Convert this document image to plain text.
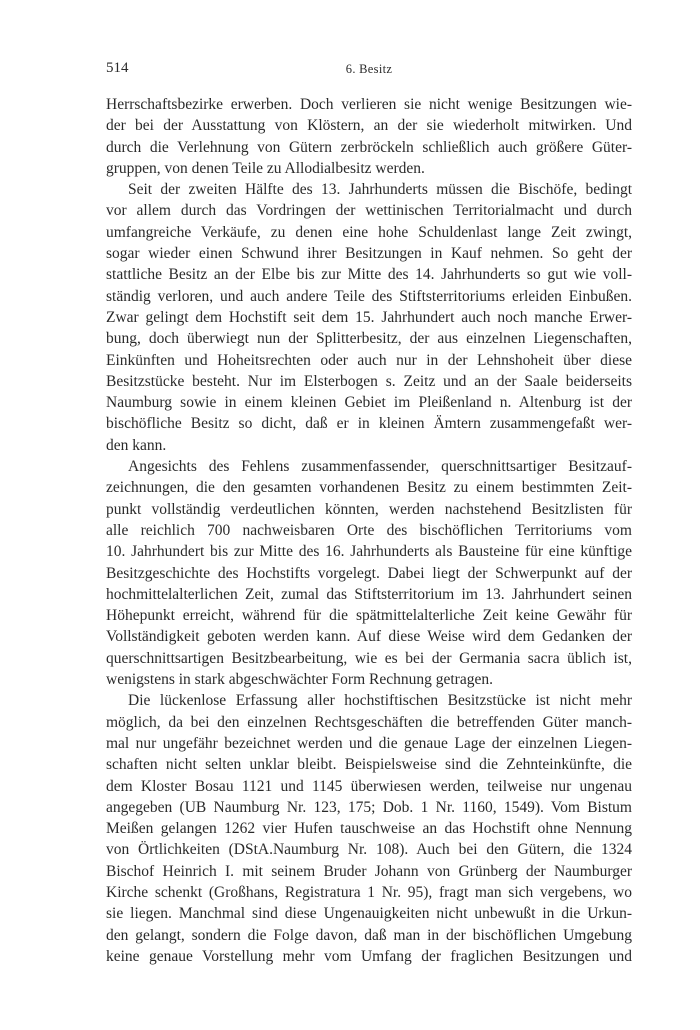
514	6. Besitz
Herrschaftsbezirke erwerben. Doch verlieren sie nicht wenige Besitzungen wie-
der bei der Ausstattung von Klöstern, an der sie wiederholt mitwirken. Und
durch die Verlehnung von Gütern zerbröckeln schließlich auch größere Güter-
gruppen, von denen Teile zu Allodialbesitz werden.
Seit der zweiten Hälfte des 13. Jahrhunderts müssen die Bischöfe, bedingt
vor allem durch das Vordringen der wettinischen Territorialmacht und durch
umfangreiche Verkäufe, zu denen eine hohe Schuldenlast lange Zeit zwingt,
sogar wieder einen Schwund ihrer Besitzungen in Kauf nehmen. So geht der
stattliche Besitz an der Elbe bis zur Mitte des 14. Jahrhunderts so gut wie voll-
ständig verloren, und auch andere Teile des Stiftsterritoriums erleiden Einbußen.
Zwar gelingt dem Hochstift seit dem 15. Jahrhundert auch noch manche Erwer-
bung, doch überwiegt nun der Splitterbesitz, der aus einzelnen Liegenschaften,
Einkünften und Hoheitsrechten oder auch nur in der Lehnshoheit über diese
Besitzstücke besteht. Nur im Elsterbogen s. Zeitz und an der Saale beiderseits
Naumburg sowie in einem kleinen Gebiet im Pleißenland n. Altenburg ist der
bischöfliche Besitz so dicht, daß er in kleinen Ämtern zusammengefaßt wer-
den kann.
Angesichts des Fehlens zusammenfassender, querschnittsartiger Besitzauf-
zeichnungen, die den gesamten vorhandenen Besitz zu einem bestimmten Zeit-
punkt vollständig verdeutlichen könnten, werden nachstehend Besitzlisten für
alle reichlich 700 nachweisbaren Orte des bischöflichen Territoriums vom
10. Jahrhundert bis zur Mitte des 16. Jahrhunderts als Bausteine für eine künftige
Besitzgeschichte des Hochstifts vorgelegt. Dabei liegt der Schwerpunkt auf der
hochmittelalterlichen Zeit, zumal das Stiftsterritorium im 13. Jahrhundert seinen
Höhepunkt erreicht, während für die spätmittelalterliche Zeit keine Gewähr für
Vollständigkeit geboten werden kann. Auf diese Weise wird dem Gedanken der
querschnittsartigen Besitzbearbeitung, wie es bei der Germania sacra üblich ist,
wenigstens in stark abgeschwächter Form Rechnung getragen.
Die lückenlose Erfassung aller hochstiftischen Besitzstücke ist nicht mehr
möglich, da bei den einzelnen Rechtsgeschäften die betreffenden Güter manch-
mal nur ungefähr bezeichnet werden und die genaue Lage der einzelnen Liegen-
schaften nicht selten unklar bleibt. Beispielsweise sind die Zehnteinkünfte, die
dem Kloster Bosau 1121 und 1145 überwiesen werden, teilweise nur ungenau
angegeben (UB Naumburg Nr. 123, 175; Dob. 1 Nr. 1160, 1549). Vom Bistum
Meißen gelangen 1262 vier Hufen tauschweise an das Hochstift ohne Nennung
von Örtlichkeiten (DStA.Naumburg Nr. 108). Auch bei den Gütern, die 1324
Bischof Heinrich I. mit seinem Bruder Johann von Grünberg der Naumburger
Kirche schenkt (Großhans, Registratura 1 Nr. 95), fragt man sich vergebens, wo
sie liegen. Manchmal sind diese Ungenauigkeiten nicht unbewußt in die Urkun-
den gelangt, sondern die Folge davon, daß man in der bischöflichen Umgebung
keine genaue Vorstellung mehr vom Umfang der fraglichen Besitzungen und
